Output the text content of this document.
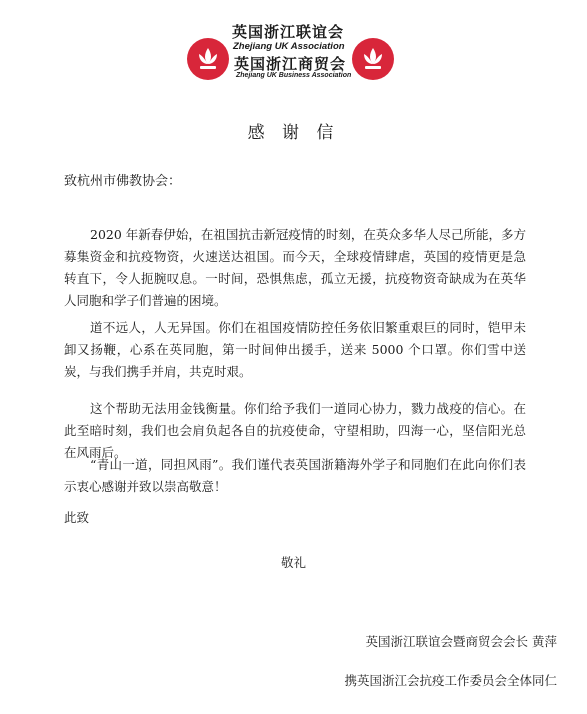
英国浙江联谊会
Zhejiang UK Association
英国浙江商贸会
Zhejiang UK Business Association
感 谢 信
致杭州市佛教协会：

2020 年新春伊始，在祖国抗击新冠疫情的时刻，在英众多华人尽己所能，多方募集资金和抗疫物资，火速送达祖国。而今天，全球疫情肆虐，英国的疫情更是急转直下，令人扼腕叹息。一时间，恐惧焦虑，孤立无援，抗疫物资奇缺成为在英华人同胞和学子们普遍的困境。

道不远人，人无异国。你们在祖国疫情防控任务依旧繁重艰巨的同时，铠甲未卸又扬鞭，心系在英同胞，第一时间伸出援手，送来 5000 个口罩。你们雪中送炭，与我们携手并肩，共克时艰。

这个帮助无法用金钱衡量。你们给予我们一道同心协力，戮力战疫的信心。在此至暗时刻，我们也会肩负起各自的抗疫使命，守望相助，四海一心，坚信阳光总在风雨后。

“青山一道，同担风雨”。我们谨代表英国浙籍海外学子和同胞们在此向你们表示衷心感谢并致以崇高敬意！

此致
敬礼
英国浙江联谊会暨商贸会会长 黄萍
携英国浙江会抗疫工作委员会全体同仁
